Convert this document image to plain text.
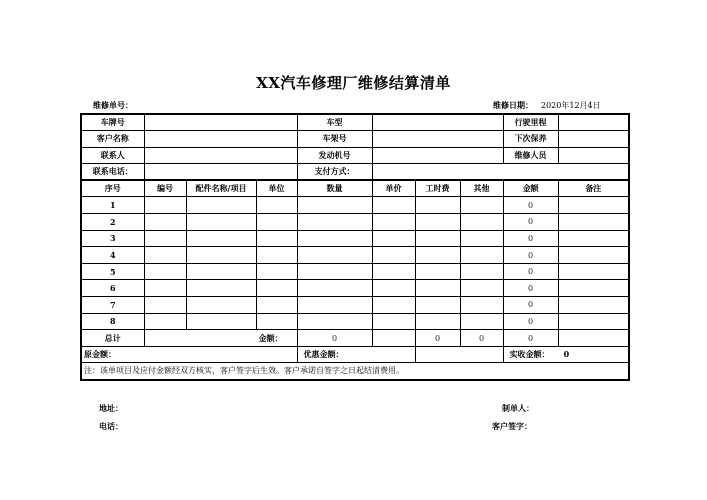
XX汽车修理厂维修结算清单
维修单号：	维修日期： 2020年12月4日
车牌号				车型				行驶里程	
客户名称				车架号				下次保养	
联系人				发动机号				维修人员	
联系电话：				支付方式：					
序号	编号	配件名称/项目	单位	数量	单价	工时费	其他	金额	备注
1								0	
2								0	
3								0	
4								0	
5								0	
6								0	
7								0	
8								0	
总计	金额：			0		0	0	0	
原金额：				优惠金额：				实收金额： 0	
注：该单项目及应付金额经双方核实，客户签字后生效。客户承诺自签字之日起结清费用。									
地址：	制单人：
电话：	客户签字：
